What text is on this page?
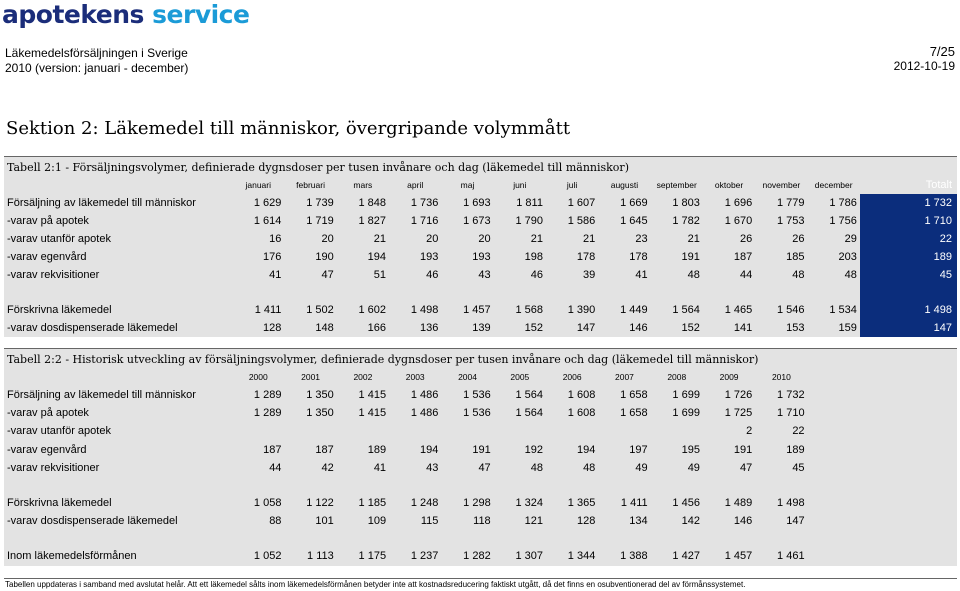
apotekens service
Läkemedelsförsäljningen i Sverige
2010 (version: januari - december)
7/25
2012-10-19
Sektion 2: Läkemedel till människor, övergripande volymmått
Tabell 2:1 - Försäljningsvolymer, definierade dygnsdoser per tusen invånare och dag (läkemedel till människor)													
	januari	februari	mars	april	maj	juni	juli	augusti	september	oktober	november	december	Totalt
Försäljning av läkemedel till människor	1 629	1 739	1 848	1 736	1 693	1 811	1 607	1 669	1 803	1 696	1 779	1 786	1 732
-varav på apotek	1 614	1 719	1 827	1 716	1 673	1 790	1 586	1 645	1 782	1 670	1 753	1 756	1 710
-varav utanför apotek	16	20	21	20	20	21	21	23	21	26	26	29	22
-varav egenvård	176	190	194	193	193	198	178	178	191	187	185	203	189
-varav rekvisitioner	41	47	51	46	43	46	39	41	48	44	48	48	45

Förskrivna läkemedel	1 411	1 502	1 602	1 498	1 457	1 568	1 390	1 449	1 564	1 465	1 546	1 534	1 498
-varav dosdispenserade läkemedel	128	148	166	136	139	152	147	146	152	141	153	159	147
Tabell 2:2 - Historisk utveckling av försäljningsvolymer, definierade dygnsdoser per tusen invånare och dag (läkemedel till människor)												
	2000	2001	2002	2003	2004	2005	2006	2007	2008	2009	2010	
Försäljning av läkemedel till människor	1 289	1 350	1 415	1 486	1 536	1 564	1 608	1 658	1 699	1 726	1 732	
-varav på apotek	1 289	1 350	1 415	1 486	1 536	1 564	1 608	1 658	1 699	1 725	1 710	
-varav utanför apotek										2	22	
-varav egenvård	187	187	189	194	191	192	194	197	195	191	189	
-varav rekvisitioner	44	42	41	43	47	48	48	49	49	47	45	

Förskrivna läkemedel	1 058	1 122	1 185	1 248	1 298	1 324	1 365	1 411	1 456	1 489	1 498	
-varav dosdispenserade läkemedel	88	101	109	115	118	121	128	134	142	146	147	

Inom läkemedelsförmånen	1 052	1 113	1 175	1 237	1 282	1 307	1 344	1 388	1 427	1 457	1 461	
Tabellen uppdateras i samband med avslutat helår. Att ett läkemedel sålts inom läkemedelsförmånen betyder inte att kostnadsreducering faktiskt utgått, då det finns en osubventionerad del av förmånssystemet.
